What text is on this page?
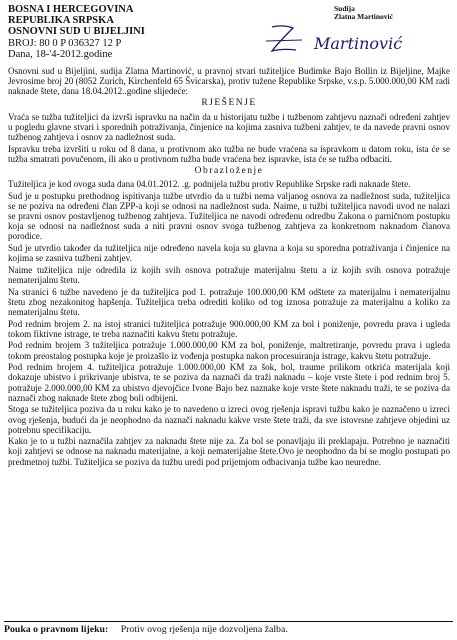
BOSNA I HERCEGOVINA
REPUBLIKA SRPSKA
OSNOVNI SUD U BIJELJINI
BROJ: 80 0 P 036327 12 P
Dana, 18-'4-2012.godine
Sudija
Zlatna Martinović
Martinović

Osnovni sud u Bijeljini, sudija Zlatna Martinović, u pravnoj stvari tužiteljice Budimke Bajo Bollin iz Bijeljine, Majke Jevrosime broj 20 (8052 Zurich, Kirchenfeld 65 Švicarska), protiv tužene Republike Srpske, v.s.p. 5.000.000,00 KM radi naknade štete, dana 18.04.2012..godine slijedeće:

RJEŠENJE

Vraća se tužba tužiteljici da izvrši ispravku na način da u historijatu tužbe i tužbenom zahtjevu naznači određeni zahtjev u pogledu glavne stvari i sporednih potraživanja, činjenice na kojima zasniva tužbeni zahtjev, te da navede pravni osnov tužbenog zahtjeva i osnov za nadležnost suda.

Ispravku treba izvršiti u roku od 8 dana, u protivnom ako tužba ne bude vraćena sa ispravkom u datom roku, ista će se tužba smatrati povučenom, ili ako u protivnom tužba bude vraćena bez ispravke, ista će se tužba odbaciti.

Obrazloženje

Tužiteljica je kod ovoga suda dana 04.01.2012. .g. podnijela tužbu protiv Republike Srpske radi naknade štete.

Sud je u postupku prethodnog ispitivanja tužbe utvrdio da u tužbi nema valjanog osnova za nadležnost suda, tužiteljica se ne poziva na određeni član ZPP-a koji se odnosi na nadležnost suda. Naime, u tužbi tužiteljica navodi uvod ne nalazi se pravni osnov postavljenog tužbenog zahtjeva. Tužiteljica ne navodi određenu odredbu Zakona o parničnom postupku koja se odnosi na nadležnost suda a niti pravni osnov svoga tužbenog zahtjeva za konkretnom naknadom članova porodice.

Sud je utvrdio također da tužiteljica nije određeno navela koja su glavna a koja su sporedna potraživanja i činjenice na kojima se zasniva tužbeni zahtjev.

Naime tužiteljica nije odredila iz kojih svih osnova potražuje materijalnu štetu a iz kojih svih osnova potražuje nematerijalnu štetu.

Na stranici 6 tužbe navedeno je da tužiteljica pod 1. potražuje 100.000,00 KM odštete za materijalnu i nematerijalnu štetu zbog nezakonitog hapšenja. Tužiteljica treba odrediti koliko od tog iznosa potražuje za materijalnu a koliko za nematerijalnu štetu.

Pod rednim brojem 2. na istoj stranici tužiteljica potražuje 900.000,00 KM za bol i poniženje, povredu prava i ugleda tokom fiktivne istrage, te treba naznačiti kakvu štetu potražuje.

Pod rednim brojem 3 tužiteljica potražuje 1.000.000,00 KM za bol, poniženje, maltretiranje, povredu prava i ugleda tokom preostalog postupka koje je proizašlo iz vođenja postupka nakon procesuiranja istrage, kakvu štetu potražuje.

Pod rednim brojem 4. tužiteljica potražuje 1.000.000,00 KM za šok, bol, traume prilikom otkrića materijala koji dokazuje ubistvo i prikrivanje ubistva, te se poziva da naznači da traži naknadu – koje vrste štete i pod rednim broj 5. potražuje 2.000.000,00 KM za ubistvo djevojčice Ivone Bajo bez naznake koje vrste štete naknadu traži, te se poziva da naznači zbog naknade štete zbog boli odbijeni.

Stoga se tužiteljica poziva da u roku kako je to navedeno u izreci ovog rješenja ispravi tužbu kako je naznačeno u izreci ovog rješenja, budući da je neophodno da naznači naknadu kakve vrste štete traži, da sve istovrsne zahtjeve objedini uz potrebnu specifikaciju.

Kako je to u tužbi naznačila zahtjev za naknadu štete nije za. Za bol se ponavljaju ili preklapaju. Potrebno je naznačiti koji zahtjevi se odnose na naknadu materijalne, a koji nematerijalne štete.Ovo je neophodno da bi se moglo postupati po predmetnoj tužbi. Tužiteljica se poziva da tužbu uredi pod prijetnjom odbacivanja tužbe kao neuredne.

Pouka o pravnom lijeku: Protiv ovog rješenja nije dozvoljena žalba.
